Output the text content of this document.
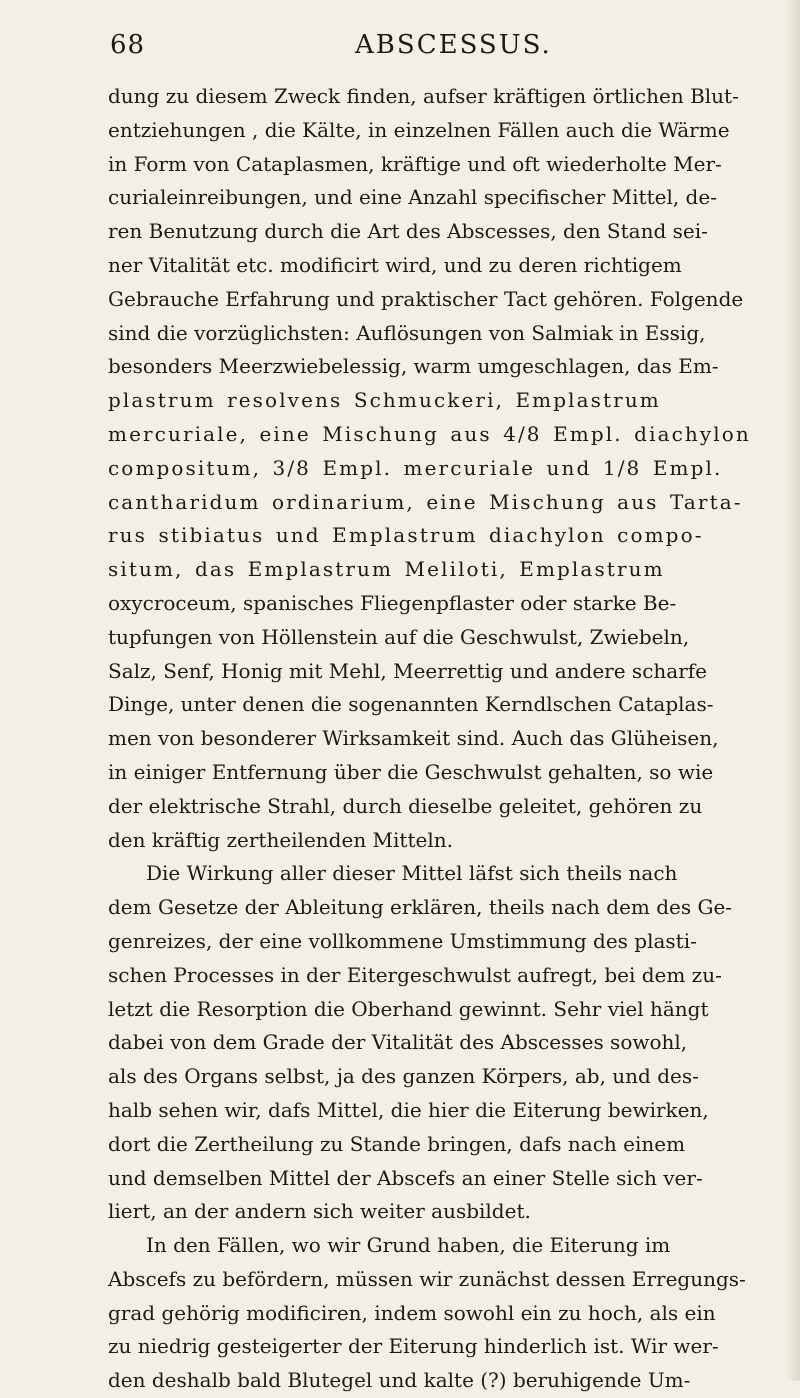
68	ABSCESSUS.
dung zu diesem Zweck finden, aufser kräftigen örtlichen Blut-
entziehungen , die Kälte, in einzelnen Fällen auch die Wärme
in Form von Cataplasmen, kräftige und oft wiederholte Mer-
curialeinreibungen, und eine Anzahl specifischer Mittel, de-
ren Benutzung durch die Art des Abscesses, den Stand sei-
ner Vitalität etc. modificirt wird, und zu deren richtigem
Gebrauche Erfahrung und praktischer Tact gehören. Folgende
sind die vorzüglichsten: Auflösungen von Salmiak in Essig,
besonders Meerzwiebelessig, warm umgeschlagen, das Em-
plastrum resolvens Schmuckeri, Emplastrum
mercuriale, eine Mischung aus 4/8 Empl. diachylon
compositum, 3/8 Empl. mercuriale und 1/8 Empl.
cantharidum ordinarium, eine Mischung aus Tarta-
rus stibiatus und Emplastrum diachylon compo-
situm, das Emplastrum Meliloti, Emplastrum
oxycroceum, spanisches Fliegenpflaster oder starke Be-
tupfungen von Höllenstein auf die Geschwulst, Zwiebeln,
Salz, Senf, Honig mit Mehl, Meerrettig und andere scharfe
Dinge, unter denen die sogenannten Kerndlschen Cataplas-
men von besonderer Wirksamkeit sind. Auch das Glüheisen,
in einiger Entfernung über die Geschwulst gehalten, so wie
der elektrische Strahl, durch dieselbe geleitet, gehören zu
den kräftig zertheilenden Mitteln.
Die Wirkung aller dieser Mittel läfst sich theils nach
dem Gesetze der Ableitung erklären, theils nach dem des Ge-
genreizes, der eine vollkommene Umstimmung des plasti-
schen Processes in der Eitergeschwulst aufregt, bei dem zu-
letzt die Resorption die Oberhand gewinnt. Sehr viel hängt
dabei von dem Grade der Vitalität des Abscesses sowohl,
als des Organs selbst, ja des ganzen Körpers, ab, und des-
halb sehen wir, dafs Mittel, die hier die Eiterung bewirken,
dort die Zertheilung zu Stande bringen, dafs nach einem
und demselben Mittel der Abscefs an einer Stelle sich ver-
liert, an der andern sich weiter ausbildet.
In den Fällen, wo wir Grund haben, die Eiterung im
Abscefs zu befördern, müssen wir zunächst dessen Erregungs-
grad gehörig modificiren, indem sowohl ein zu hoch, als ein
zu niedrig gesteigerter der Eiterung hinderlich ist. Wir wer-
den deshalb bald Blutegel und kalte (?) beruhigende Um-
